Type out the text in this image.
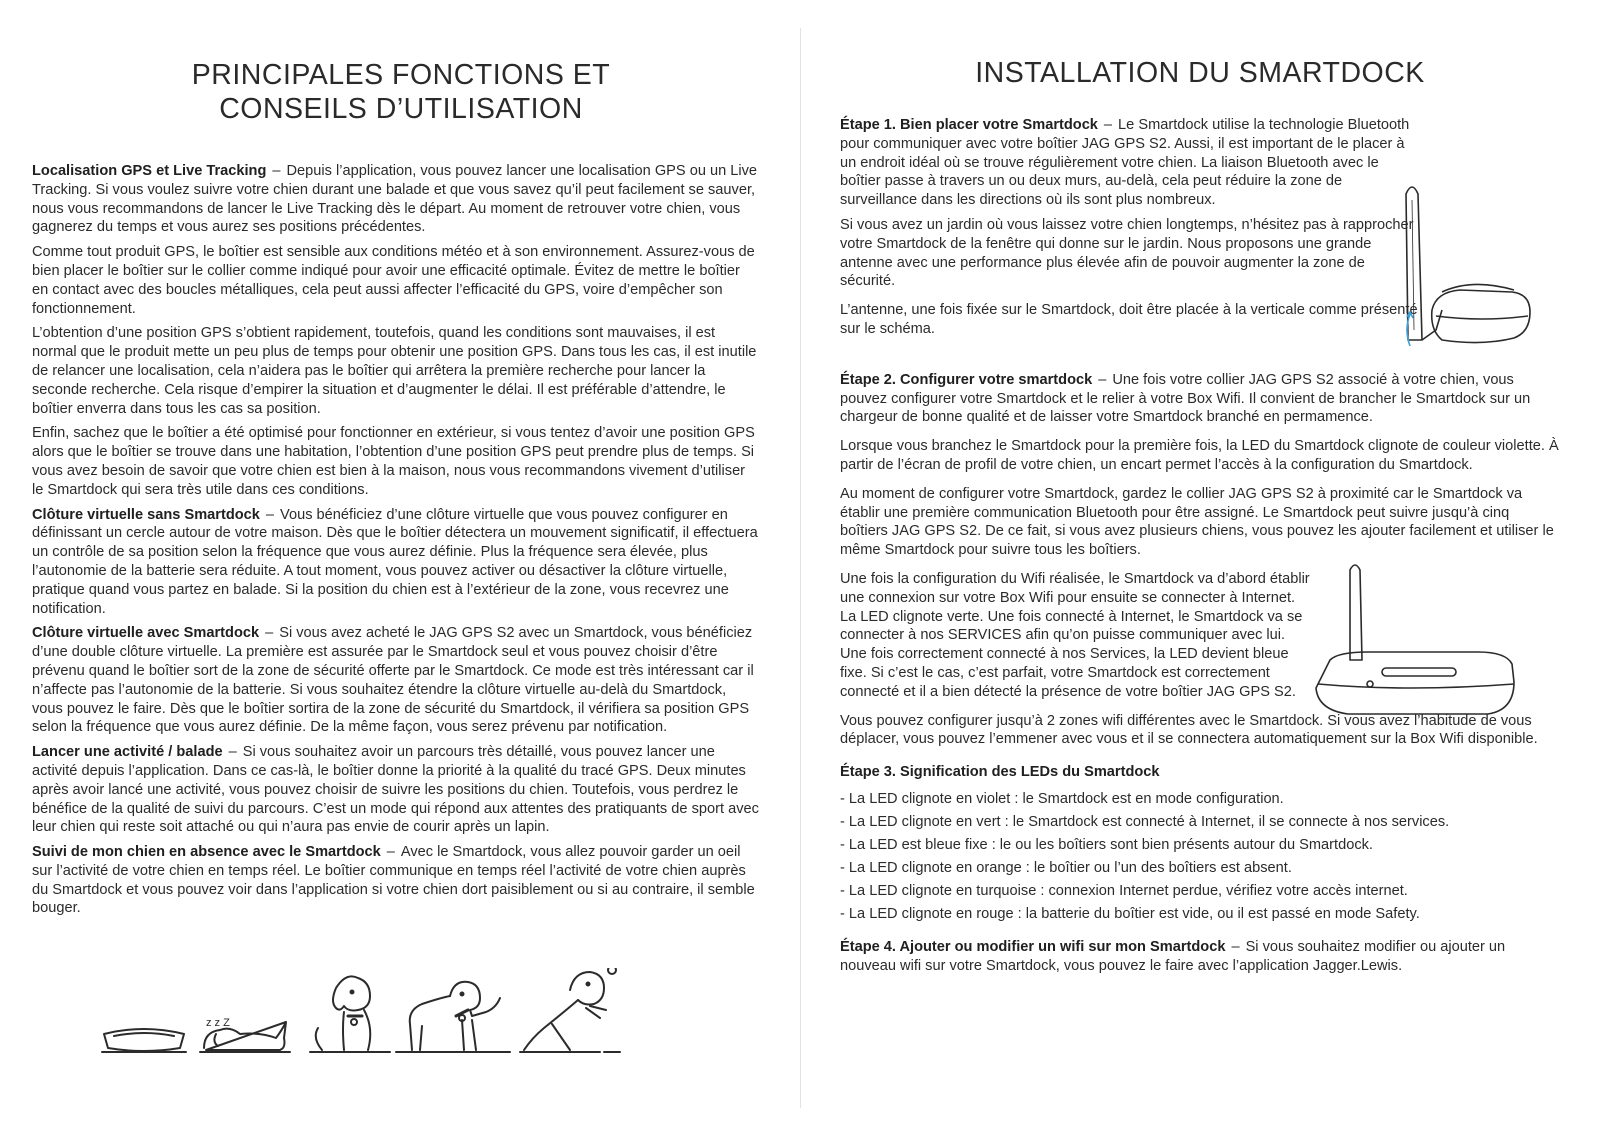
PRINCIPALES FONCTIONS ET
CONSEILS D’UTILISATION

Localisation GPS et Live Tracking – Depuis l’application, vous pouvez lancer une localisation GPS ou un Live Tracking. Si vous voulez suivre votre chien durant une balade et que vous savez qu’il peut facilement se sauver, nous vous recommandons de lancer le Live Tracking dès le départ. Au moment de retrouver votre chien, vous gagnerez du temps et vous aurez ses positions précédentes.

Comme tout produit GPS, le boîtier est sensible aux conditions météo et à son environnement. Assurez-vous de bien placer le boîtier sur le collier comme indiqué pour avoir une efficacité optimale. Évitez de mettre le boîtier en contact avec des boucles métalliques, cela peut aussi affecter l’efficacité du GPS, voire d’empêcher son fonctionnement.

L’obtention d’une position GPS s’obtient rapidement, toutefois, quand les conditions sont mauvaises, il est normal que le produit mette un peu plus de temps pour obtenir une position GPS. Dans tous les cas, il est inutile de relancer une localisation, cela n’aidera pas le boîtier qui arrêtera la première recherche pour lancer la seconde recherche. Cela risque d’empirer la situation et d’augmenter le délai. Il est préférable d’attendre, le boîtier enverra dans tous les cas sa position.

Enfin, sachez que le boîtier a été optimisé pour fonctionner en extérieur, si vous tentez d’avoir une position GPS alors que le boîtier se trouve dans une habitation, l’obtention d’une position GPS peut prendre plus de temps. Si vous avez besoin de savoir que votre chien est bien à la maison, nous vous recommandons vivement d’utiliser le Smartdock qui sera très utile dans ces conditions.

Clôture virtuelle sans Smartdock – Vous bénéficiez d’une clôture virtuelle que vous pouvez configurer en définissant un cercle autour de votre maison. Dès que le boîtier détectera un mouvement significatif, il effectuera un contrôle de sa position selon la fréquence que vous aurez définie. Plus la fréquence sera élevée, plus l’autonomie de la batterie sera réduite. A tout moment, vous pouvez activer ou désactiver la clôture virtuelle, pratique quand vous partez en balade. Si la position du chien est à l’extérieur de la zone, vous recevrez une notification.

Clôture virtuelle avec Smartdock – Si vous avez acheté le JAG GPS S2 avec un Smartdock, vous bénéficiez d’une double clôture virtuelle. La première est assurée par le Smartdock seul et vous pouvez choisir d’être prévenu quand le boîtier sort de la zone de sécurité offerte par le Smartdock. Ce mode est très intéressant car il n’affecte pas l’autonomie de la batterie. Si vous souhaitez étendre la clôture virtuelle au-delà du Smartdock, vous pouvez le faire. Dès que le boîtier sortira de la zone de sécurité du Smartdock, il vérifiera sa position GPS selon la fréquence que vous aurez définie. De la même façon, vous serez prévenu par notification.

Lancer une activité / balade – Si vous souhaitez avoir un parcours très détaillé, vous pouvez lancer une activité depuis l’application. Dans ce cas-là, le boîtier donne la priorité à la qualité du tracé GPS. Deux minutes après avoir lancé une activité, vous pouvez choisir de suivre les positions du chien. Toutefois, vous perdrez le bénéfice de la qualité de suivi du parcours. C’est un mode qui répond aux attentes des pratiquants de sport avec leur chien qui reste soit attaché ou qui n’aura pas envie de courir après un lapin.

Suivi de mon chien en absence avec le Smartdock – Avec le Smartdock, vous allez pouvoir garder un oeil sur l’activité de votre chien en temps réel. Le boîtier communique en temps réel l’activité de votre chien auprès du Smartdock et vous pouvez voir dans l’application si votre chien dort paisiblement ou si au contraire, il semble bouger.

z z Z
INSTALLATION DU SMARTDOCK

Étape 1. Bien placer votre Smartdock – Le Smartdock utilise la technologie Bluetooth pour communiquer avec votre boîtier JAG GPS S2. Aussi, il est important de le placer à un endroit idéal où se trouve régulièrement votre chien. La liaison Bluetooth avec le boîtier passe à travers un ou deux murs, au-delà, cela peut réduire la zone de surveillance dans les directions où ils sont plus nombreux.

Si vous avez un jardin où vous laissez votre chien longtemps, n’hésitez pas à rapprocher votre Smartdock de la fenêtre qui donne sur le jardin. Nous proposons une grande antenne avec une performance plus élevée afin de pouvoir augmenter la zone de sécurité.

L’antenne, une fois fixée sur le Smartdock, doit être placée à la verticale comme présenté sur le schéma.

Étape 2. Configurer votre smartdock – Une fois votre collier JAG GPS S2 associé à votre chien, vous pouvez configurer votre Smartdock et le relier à votre Box Wifi. Il convient de brancher le Smartdock sur un chargeur de bonne qualité et de laisser votre Smartdock branché en permamence.

Lorsque vous branchez le Smartdock pour la première fois, la LED du Smartdock clignote de couleur violette. À partir de l’écran de profil de votre chien, un encart permet l’accès à la configuration du Smartdock.

Au moment de configurer votre Smartdock, gardez le collier JAG GPS S2 à proximité car le Smartdock va établir une première communication Bluetooth pour être assigné. Le Smartdock peut suivre jusqu’à cinq boîtiers JAG GPS S2. De ce fait, si vous avez plusieurs chiens, vous pouvez les ajouter facilement et utiliser le même Smartdock pour suivre tous les boîtiers.

Une fois la configuration du Wifi réalisée, le Smartdock va d’abord établir une connexion sur votre Box Wifi pour ensuite se connecter à Internet. La LED clignote verte. Une fois connecté à Internet, le Smartdock va se connecter à nos SERVICES afin qu’on puisse communiquer avec lui. Une fois correctement connecté à nos Services, la LED devient bleue fixe. Si c’est le cas, c’est parfait, votre Smartdock est correctement connecté et il a bien détecté la présence de votre boîtier JAG GPS S2.

Vous pouvez configurer jusqu’à 2 zones wifi différentes avec le Smartdock. Si vous avez l’habitude de vous déplacer, vous pouvez l’emmener avec vous et il se connectera automatiquement sur la Box Wifi disponible.

Étape 3. Signification des LEDs du Smartdock

- La LED clignote en violet : le Smartdock est en mode configuration.
- La LED clignote en vert : le Smartdock est connecté à Internet, il se connecte à nos services.
- La LED est bleue fixe : le ou les boîtiers sont bien présents autour du Smartdock.
- La LED clignote en orange : le boîtier ou l’un des boîtiers est absent.
- La LED clignote en turquoise : connexion Internet perdue, vérifiez votre accès internet.
- La LED clignote en rouge : la batterie du boîtier est vide, ou il est passé en mode Safety.

Étape 4. Ajouter ou modifier un wifi sur mon Smartdock – Si vous souhaitez modifier ou ajouter un nouveau wifi sur votre Smartdock, vous pouvez le faire avec l’application Jagger.Lewis.
